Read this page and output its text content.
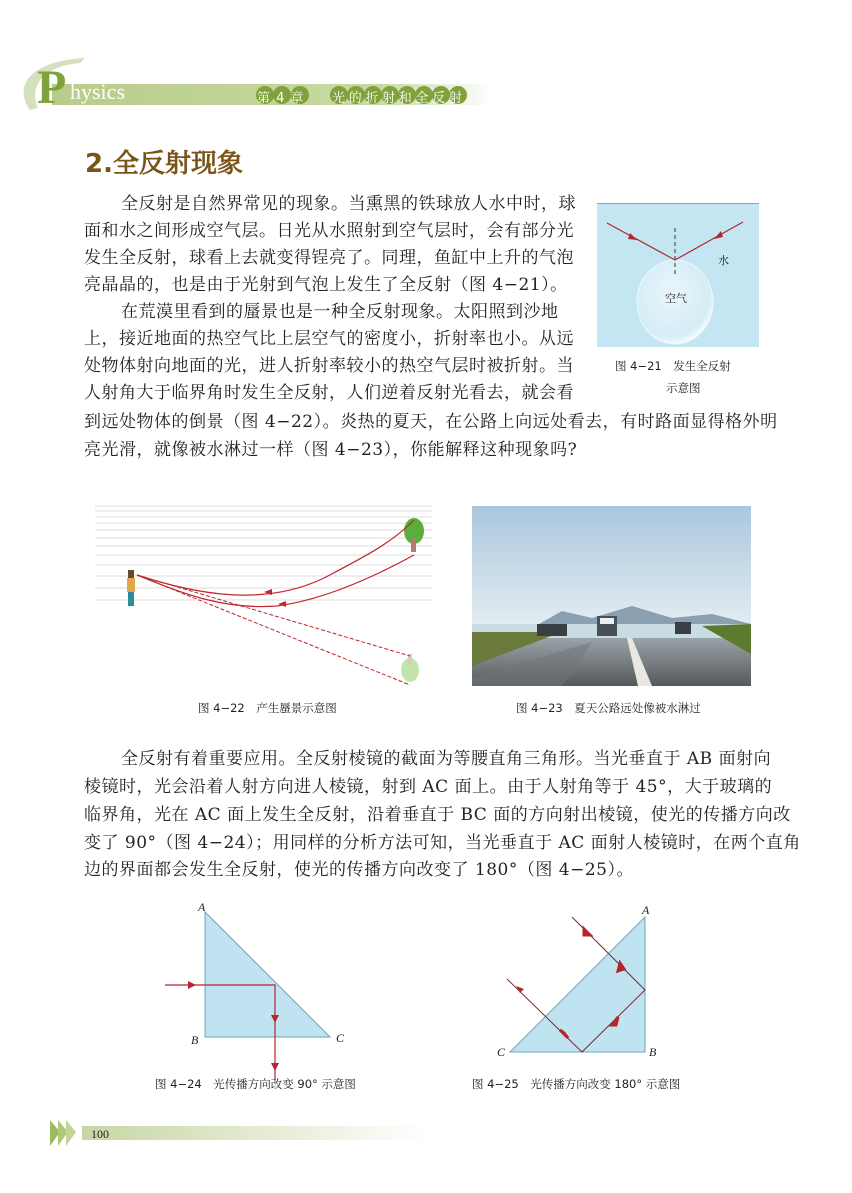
P hysics	第 4 章 光的折射和全反射
2.全反射现象
全反射是自然界常见的现象。当熏黑的铁球放人水中时，球
面和水之间形成空气层。日光从水照射到空气层时，会有部分光
发生全反射，球看上去就变得锃亮了。同理，鱼缸中上升的气泡
亮晶晶的，也是由于光射到气泡上发生了全反射（图 4−21）。
在荒漠里看到的蜃景也是一种全反射现象。太阳照到沙地
上，接近地面的热空气比上层空气的密度小，折射率也小。从远
处物体射向地面的光，进人折射率较小的热空气层时被折射。当
人射角大于临界角时发生全反射，人们逆着反射光看去，就会看
到远处物体的倒景（图 4−22）。炎热的夏天，在公路上向远处看去，有时路面显得格外明
亮光滑，就像被水淋过一样（图 4−23），你能解释这种现象吗?
水
空气
图 4−21　发生全反射
示意图
图 4−22　产生蜃景示意图	图 4−23　夏天公路远处像被水淋过
全反射有着重要应用。全反射棱镜的截面为等腰直角三角形。当光垂直于 AB 面射向
棱镜时，光会沿着人射方向进人棱镜，射到 AC 面上。由于人射角等于 45°，大于玻璃的
临界角，光在 AC 面上发生全反射，沿着垂直于 BC 面的方向射出棱镜，使光的传播方向改
变了 90°（图 4−24）；用同样的分析方法可知，当光垂直于 AC 面射人棱镜时，在两个直角
边的界面都会发生全反射，使光的传播方向改变了 180°（图 4−25）。
A
B	C
图 4−24　光传播方向改变 90° 示意图
A
B
C
图 4−25　光传播方向改变 180° 示意图
100
